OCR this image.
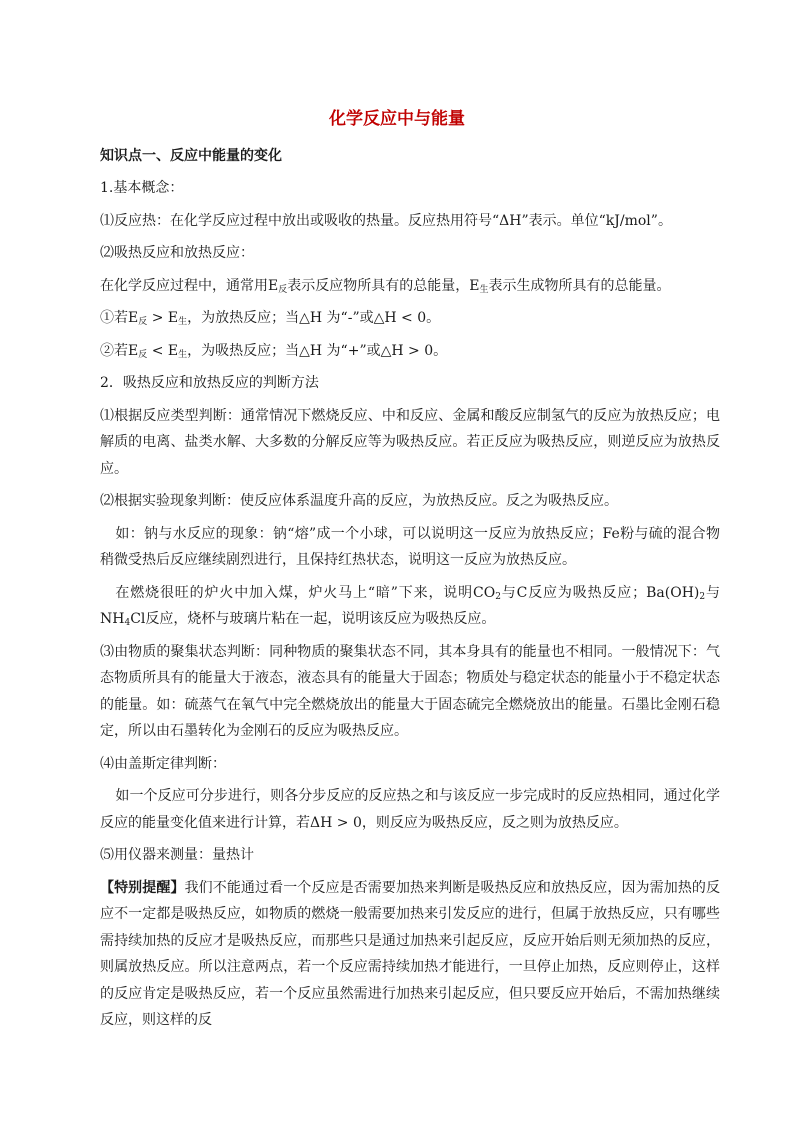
化学反应中与能量

知识点一、反应中能量的变化

1.基本概念：

⑴反应热：在化学反应过程中放出或吸收的热量。反应热用符号“ΔH”表示。单位“kJ/mol”。

⑵吸热反应和放热反应：

在化学反应过程中，通常用$E_反$表示反应物所具有的总能量，$E_生$表示生成物所具有的总能量。

①若$E_反 > E_生$，为放热反应；当△H 为“-”或△H < 0。

②若$E_反 < E_生$，为吸热反应；当△H 为“+”或△H > 0。

2．吸热反应和放热反应的判断方法

⑴根据反应类型判断：通常情况下燃烧反应、中和反应、金属和酸反应制氢气的反应为放热反应；电解质的电离、盐类水解、大多数的分解反应等为吸热反应。若正反应为吸热反应，则逆反应为放热反应。

⑵根据实验现象判断：使反应体系温度升高的反应，为放热反应。反之为吸热反应。

如：钠与水反应的现象：钠“熔”成一个小球，可以说明这一反应为放热反应；Fe粉与硫的混合物稍微受热后反应继续剧烈进行，且保持红热状态，说明这一反应为放热反应。

在燃烧很旺的炉火中加入煤，炉火马上“暗”下来，说明$CO_2$与C反应为吸热反应；$Ba(OH)_2$与$NH_4Cl$反应，烧杯与玻璃片粘在一起，说明该反应为吸热反应。

⑶由物质的聚集状态判断：同种物质的聚集状态不同，其本身具有的能量也不相同。一般情况下：气态物质所具有的能量大于液态，液态具有的能量大于固态；物质处与稳定状态的能量小于不稳定状态的能量。如：硫蒸气在氧气中完全燃烧放出的能量大于固态硫完全燃烧放出的能量。石墨比金刚石稳定，所以由石墨转化为金刚石的反应为吸热反应。

⑷由盖斯定律判断：

如一个反应可分步进行，则各分步反应的反应热之和与该反应一步完成时的反应热相同，通过化学反应的能量变化值来进行计算，若ΔH > 0，则反应为吸热反应，反之则为放热反应。

⑸用仪器来测量：量热计

【特别提醒】我们不能通过看一个反应是否需要加热来判断是吸热反应和放热反应，因为需加热的反应不一定都是吸热反应，如物质的燃烧一般需要加热来引发反应的进行，但属于放热反应，只有哪些需持续加热的反应才是吸热反应，而那些只是通过加热来引起反应，反应开始后则无须加热的反应，则属放热反应。所以注意两点，若一个反应需持续加热才能进行，一旦停止加热，反应则停止，这样的反应肯定是吸热反应，若一个反应虽然需进行加热来引起反应，但只要反应开始后，不需加热继续反应，则这样的反
